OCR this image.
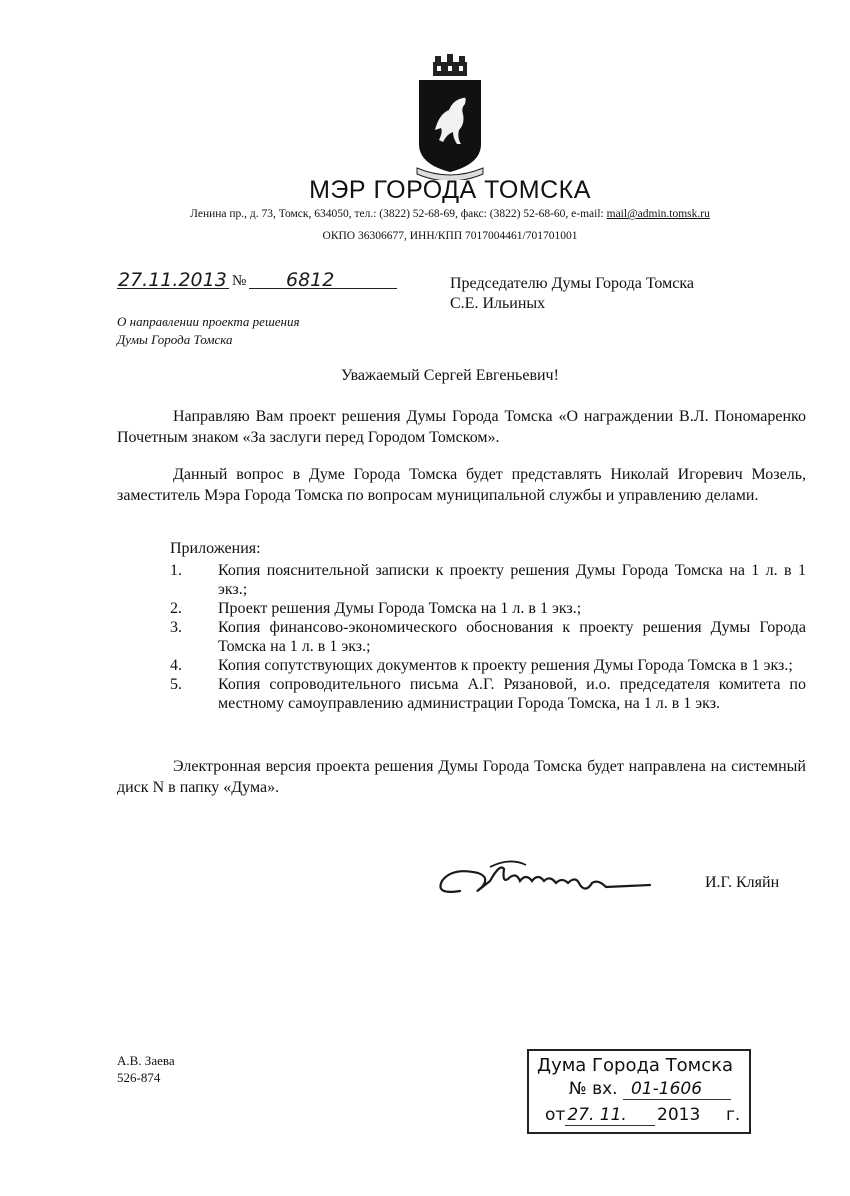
МЭР ГОРОДА ТОМСКА
Ленина пр., д. 73, Томск, 634050, тел.: (3822) 52-68-69, факс: (3822) 52-68-60, e-mail: mail@admin.tomsk.ru
ОКПО 36306677, ИНН/КПП 7017004461/701701001
27.11.2013 № 6812
О направлении проекта решения
Думы Города Томска
Председателю Думы Города Томска
С.Е. Ильиных
Уважаемый Сергей Евгеньевич!
Направляю Вам проект решения Думы Города Томска «О награждении В.Л. Пономаренко Почетным знаком «За заслуги перед Городом Томском».
Данный вопрос в Думе Города Томска будет представлять Николай Игоревич Мозель, заместитель Мэра Города Томска по вопросам муниципальной службы и управлению делами.
Приложения:
1. Копия пояснительной записки к проекту решения Думы Города Томска на 1 л. в 1 экз.;
2. Проект решения Думы Города Томска на 1 л. в 1 экз.;
3. Копия финансово-экономического обоснования к проекту решения Думы Города Томска на 1 л. в 1 экз.;
4. Копия сопутствующих документов к проекту решения Думы Города Томска в 1 экз.;
5. Копия сопроводительного письма А.Г. Рязановой, и.о. председателя комитета по местному самоуправлению администрации Города Томска, на 1 л. в 1 экз.
Электронная версия проекта решения Думы Города Томска будет направлена на системный диск N в папку «Дума».
И.Г. Кляйн
А.В. Заева
526-874
Дума Города Томска
№ вх. 01-1606
от 27. 11.	2013 г.
